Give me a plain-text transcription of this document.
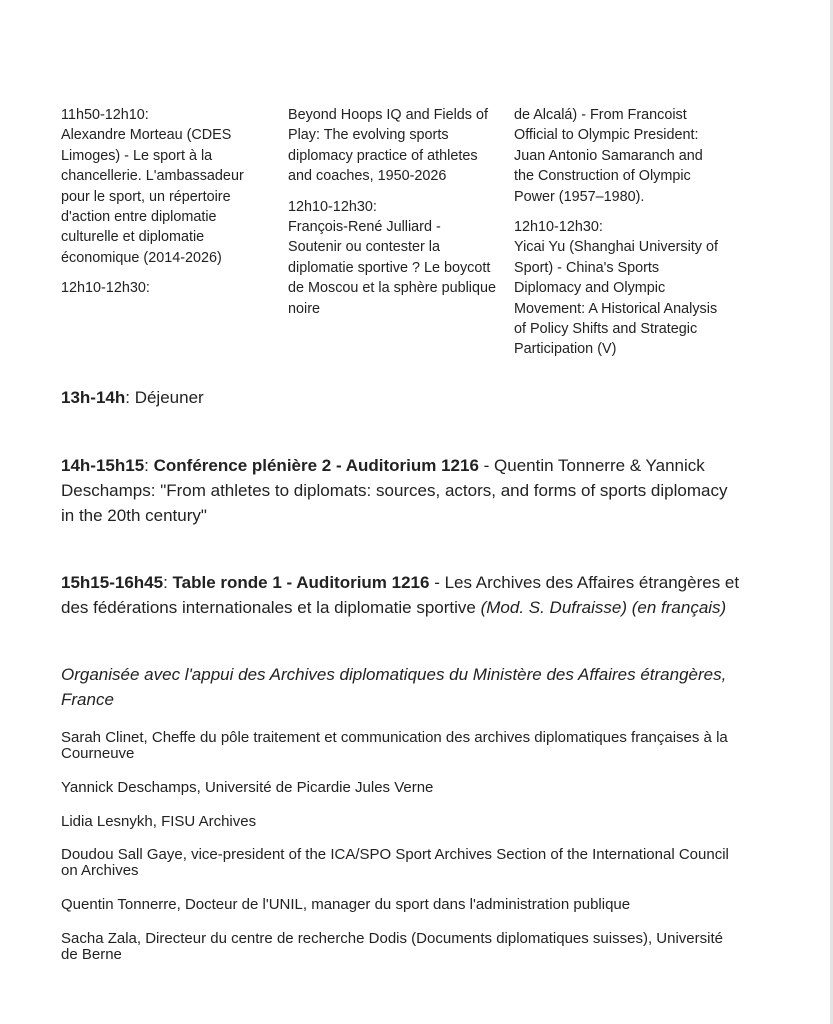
11h50-12h10:
Alexandre Morteau (CDES Limoges) - Le sport à la chancellerie. L'ambassadeur pour le sport, un répertoire d'action entre diplomatie culturelle et diplomatie économique (2014-2026)

12h10-12h30:

Beyond Hoops IQ and Fields of Play: The evolving sports diplomacy practice of athletes and coaches, 1950-2026

12h10-12h30:
François-René Julliard - Soutenir ou contester la diplomatie sportive ? Le boycott de Moscou et la sphère publique noire

de Alcalá) - From Francoist Official to Olympic President: Juan Antonio Samaranch and the Construction of Olympic Power (1957–1980).

12h10-12h30:
Yicai Yu (Shanghai University of Sport) - China's Sports Diplomacy and Olympic Movement: A Historical Analysis of Policy Shifts and Strategic Participation (V)

13h-14h: Déjeuner

14h-15h15: Conférence plénière 2 - Auditorium 1216 - Quentin Tonnerre & Yannick Deschamps: "From athletes to diplomats: sources, actors, and forms of sports diplomacy in the 20th century"

15h15-16h45: Table ronde 1 - Auditorium 1216 - Les Archives des Affaires étrangères et des fédérations internationales et la diplomatie sportive (Mod. S. Dufraisse) (en français)

Organisée avec l'appui des Archives diplomatiques du Ministère des Affaires étrangères, France

Sarah Clinet, Cheffe du pôle traitement et communication des archives diplomatiques françaises à la Courneuve

Yannick Deschamps, Université de Picardie Jules Verne

Lidia Lesnykh, FISU Archives

Doudou Sall Gaye, vice-president of the ICA/SPO Sport Archives Section of the International Council on Archives

Quentin Tonnerre, Docteur de l'UNIL, manager du sport dans l'administration publique

Sacha Zala, Directeur du centre de recherche Dodis (Documents diplomatiques suisses), Université de Berne
